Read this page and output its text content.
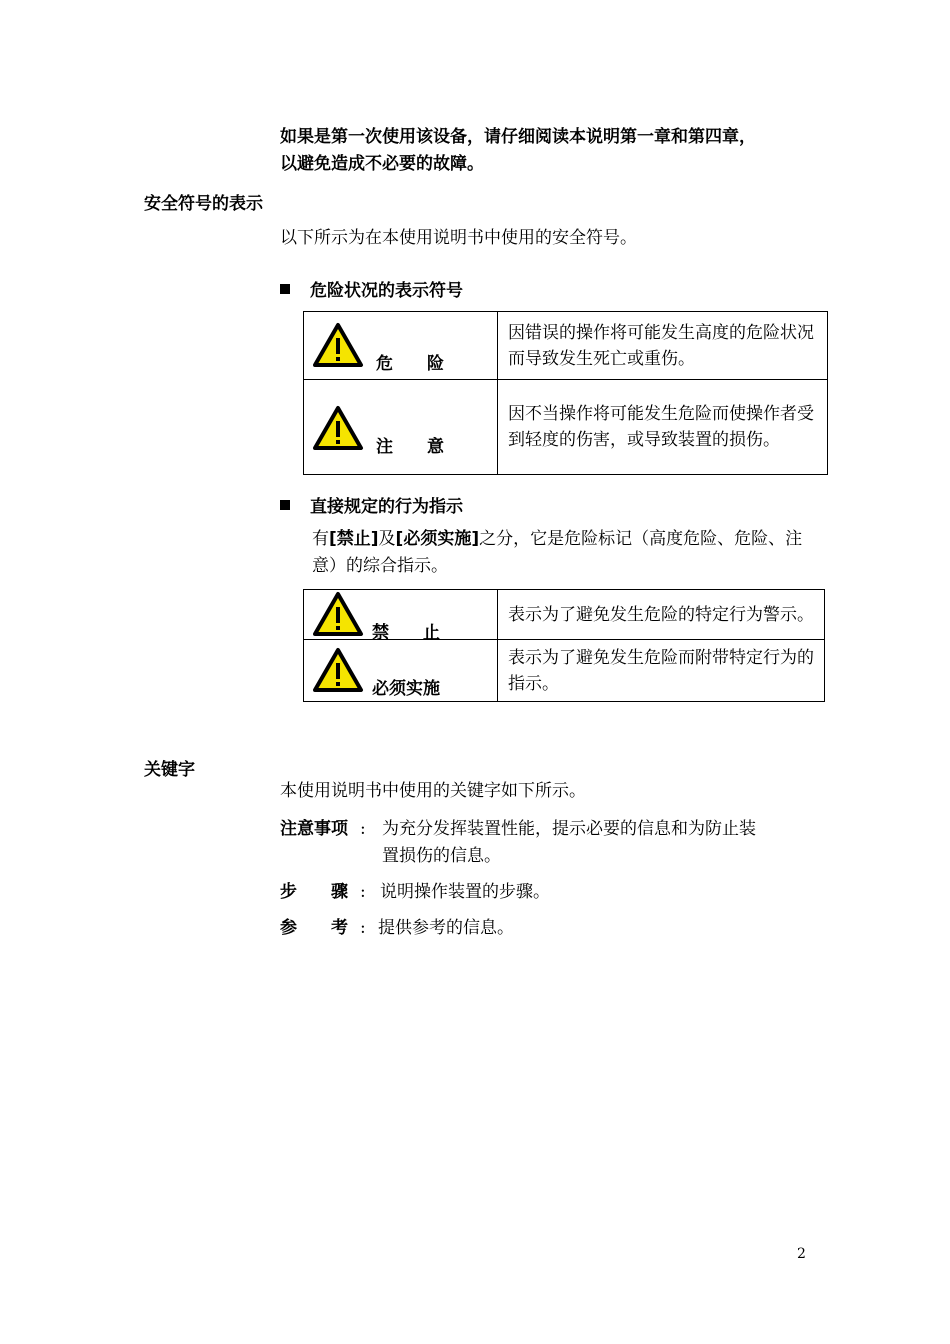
如果是第一次使用该设备，请仔细阅读本说明第一章和第四章，
以避免造成不必要的故障。
安全符号的表示
以下所示为在本使用说明书中使用的安全符号。
危险状况的表示符号
危　　险	因错误的操作将可能发生高度的危险状况而导致发生死亡或重伤。

注　　意	因不当操作将可能发生危险而使操作者受到轻度的伤害，或导致装置的损伤。
直接规定的行为指示
有[禁止]及[必须实施]之分，它是危险标记（高度危险、危险、注意）的综合指示。
禁　　止	表示为了避免发生危险的特定行为警示。

必须实施	表示为了避免发生危险而附带特定行为的指示。
关键字
本使用说明书中使用的关键字如下所示。
注意事项 : 为充分发挥装置性能，提示必要的信息和为防止装
置损伤的信息。
步　　骤 : 说明操作装置的步骤。
参　　考 : 提供参考的信息。
2
